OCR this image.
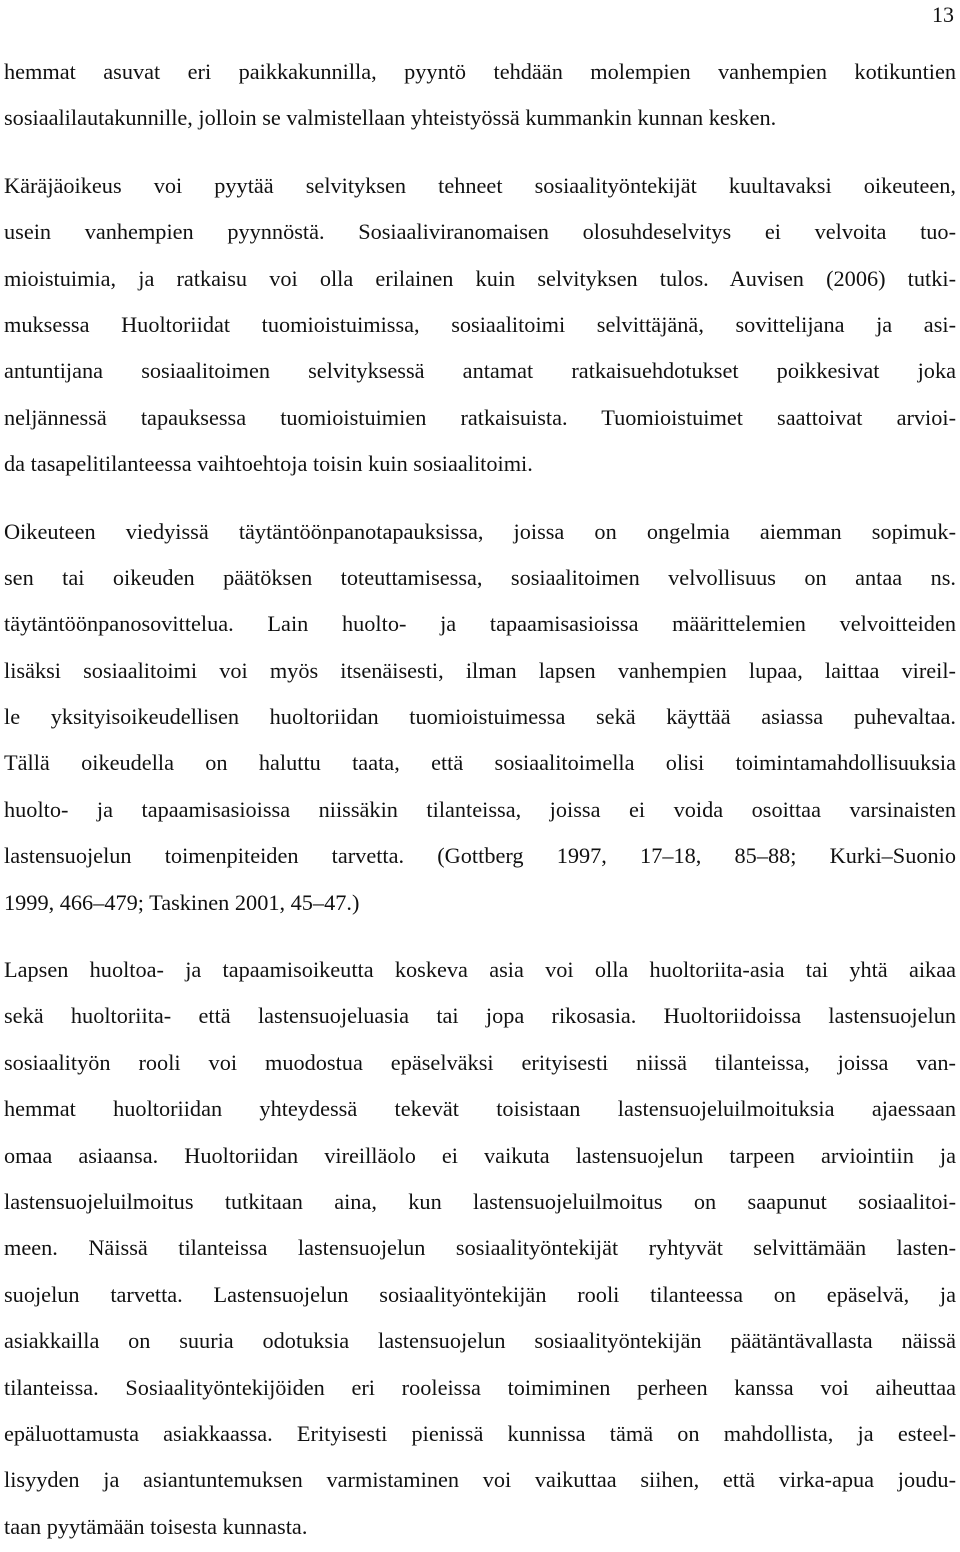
13
hemmat asuvat eri paikkakunnilla, pyyntö tehdään molempien vanhempien kotikuntien
sosiaalilautakunnille, jolloin se valmistellaan yhteistyössä kummankin kunnan kesken.
Käräjäoikeus voi pyytää selvityksen tehneet sosiaalityöntekijät kuultavaksi oikeuteen,
usein vanhempien pyynnöstä. Sosiaaliviranomaisen olosuhdeselvitys ei velvoita tuo-
mioistuimia, ja ratkaisu voi olla erilainen kuin selvityksen tulos. Auvisen (2006) tutki-
muksessa Huoltoriidat tuomioistuimissa, sosiaalitoimi selvittäjänä, sovittelijana ja asi-
antuntijana sosiaalitoimen selvityksessä antamat ratkaisuehdotukset poikkesivat joka
neljännessä tapauksessa tuomioistuimien ratkaisuista. Tuomioistuimet saattoivat arvioi-
da tasapelitilanteessa vaihtoehtoja toisin kuin sosiaalitoimi.
Oikeuteen viedyissä täytäntöönpanotapauksissa, joissa on ongelmia aiemman sopimuk-
sen tai oikeuden päätöksen toteuttamisessa, sosiaalitoimen velvollisuus on antaa ns.
täytäntöönpanosovittelua. Lain huolto- ja tapaamisasioissa määrittelemien velvoitteiden
lisäksi sosiaalitoimi voi myös itsenäisesti, ilman lapsen vanhempien lupaa, laittaa vireil-
le yksityisoikeudellisen huoltoriidan tuomioistuimessa sekä käyttää asiassa puhevaltaa.
Tällä oikeudella on haluttu taata, että sosiaalitoimella olisi toimintamahdollisuuksia
huolto- ja tapaamisasioissa niissäkin tilanteissa, joissa ei voida osoittaa varsinaisten
lastensuojelun toimenpiteiden tarvetta. (Gottberg 1997, 17–18, 85–88; Kurki–Suonio
1999, 466–479; Taskinen 2001, 45–47.)
Lapsen huoltoa- ja tapaamisoikeutta koskeva asia voi olla huoltoriita-asia tai yhtä aikaa
sekä huoltoriita- että lastensuojeluasia tai jopa rikosasia. Huoltoriidoissa lastensuojelun
sosiaalityön rooli voi muodostua epäselväksi erityisesti niissä tilanteissa, joissa van-
hemmat huoltoriidan yhteydessä tekevät toisistaan lastensuojeluilmoituksia ajaessaan
omaa asiaansa. Huoltoriidan vireilläolo ei vaikuta lastensuojelun tarpeen arviointiin ja
lastensuojeluilmoitus tutkitaan aina, kun lastensuojeluilmoitus on saapunut sosiaalitoi-
meen. Näissä tilanteissa lastensuojelun sosiaalityöntekijät ryhtyvät selvittämään lasten-
suojelun tarvetta. Lastensuojelun sosiaalityöntekijän rooli tilanteessa on epäselvä, ja
asiakkailla on suuria odotuksia lastensuojelun sosiaalityöntekijän päätäntävallasta näissä
tilanteissa. Sosiaalityöntekijöiden eri rooleissa toimiminen perheen kanssa voi aiheuttaa
epäluottamusta asiakkaassa. Erityisesti pienissä kunnissa tämä on mahdollista, ja esteel-
lisyyden ja asiantuntemuksen varmistaminen voi vaikuttaa siihen, että virka-apua joudu-
taan pyytämään toisesta kunnasta.
